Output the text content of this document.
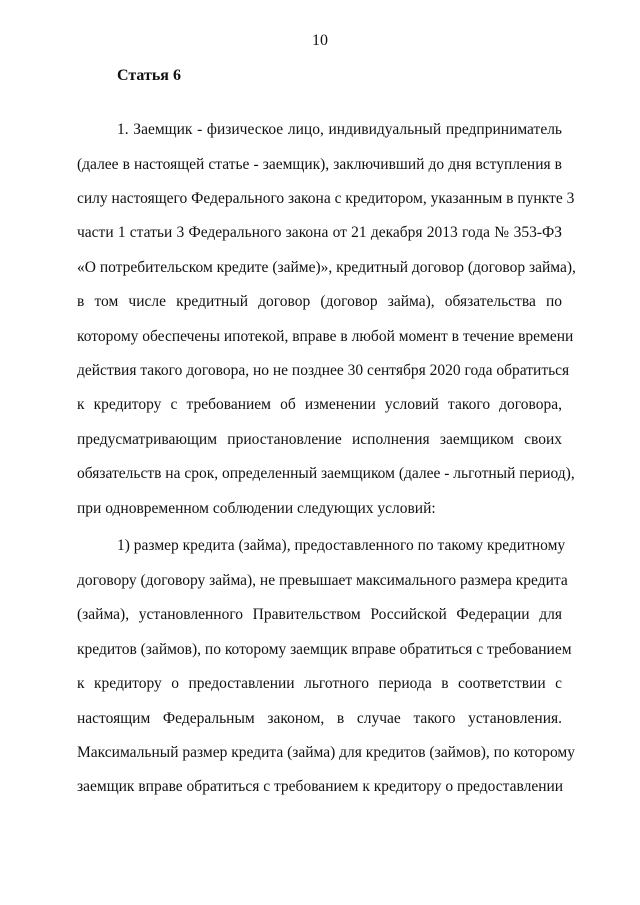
10
Статья 6
1. Заемщик - физическое лицо, индивидуальный предприниматель
(далее в настоящей статье - заемщик), заключивший до дня вступления в
силу настоящего Федерального закона с кредитором, указанным в пункте 3
части 1 статьи 3 Федерального закона от 21 декабря 2013 года № 353-ФЗ
«О потребительском кредите (займе)», кредитный договор (договор займа),
в том числе кредитный договор (договор займа), обязательства по
которому обеспечены ипотекой, вправе в любой момент в течение времени
действия такого договора, но не позднее 30 сентября 2020 года обратиться
к кредитору с требованием об изменении условий такого договора,
предусматривающим приостановление исполнения заемщиком своих
обязательств на срок, определенный заемщиком (далее - льготный период),
при одновременном соблюдении следующих условий:
1) размер кредита (займа), предоставленного по такому кредитному
договору (договору займа), не превышает максимального размера кредита
(займа), установленного Правительством Российской Федерации для
кредитов (займов), по которому заемщик вправе обратиться с требованием
к кредитору о предоставлении льготного периода в соответствии с
настоящим Федеральным законом, в случае такого установления.
Максимальный размер кредита (займа) для кредитов (займов), по которому
заемщик вправе обратиться с требованием к кредитору о предоставлении
